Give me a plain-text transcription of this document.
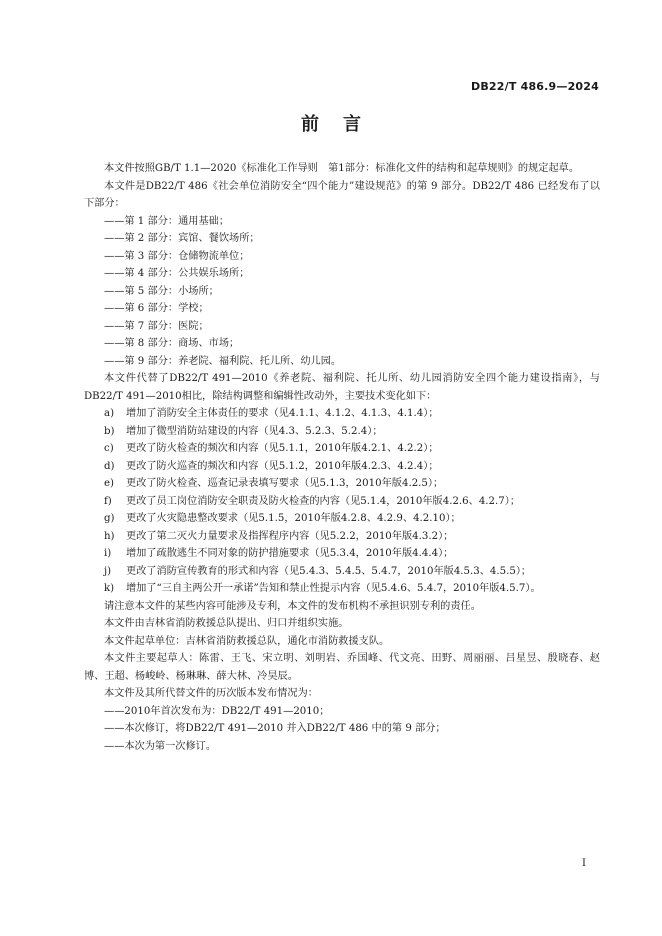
DB22/T 486.9—2024
前言

本文件按照GB/T 1.1—2020《标准化工作导则　第1部分：标准化文件的结构和起草规则》的规定起草。

本文件是DB22/T 486《社会单位消防安全“四个能力”建设规范》的第 9 部分。DB22/T 486 已经发布了以下部分：

——第 1 部分：通用基础；

——第 2 部分：宾馆、餐饮场所；

——第 3 部分：仓储物流单位；

——第 4 部分：公共娱乐场所；

——第 5 部分：小场所；

——第 6 部分：学校；

——第 7 部分：医院；

——第 8 部分：商场、市场；

——第 9 部分：养老院、福利院、托儿所、幼儿园。

本文件代替了DB22/T 491—2010《养老院、福利院、托儿所、幼儿园消防安全四个能力建设指南》，与DB22/T 491—2010相比，除结构调整和编辑性改动外，主要技术变化如下：

a) 增加了消防安全主体责任的要求（见4.1.1、4.1.2、4.1.3、4.1.4）；

b) 增加了微型消防站建设的内容（见4.3、5.2.3、5.2.4）；

c) 更改了防火检查的频次和内容（见5.1.1，2010年版4.2.1、4.2.2）；

d) 更改了防火巡查的频次和内容（见5.1.2，2010年版4.2.3、4.2.4）；

e) 更改了防火检查、巡查记录表填写要求（见5.1.3，2010年版4.2.5）；

f) 更改了员工岗位消防安全职责及防火检查的内容（见5.1.4，2010年版4.2.6、4.2.7）；

g) 更改了火灾隐患整改要求（见5.1.5，2010年版4.2.8、4.2.9、4.2.10）；

h) 更改了第二灭火力量要求及指挥程序内容（见5.2.2，2010年版4.3.2）；

i) 增加了疏散逃生不同对象的防护措施要求（见5.3.4，2010年版4.4.4）；

j) 更改了消防宣传教育的形式和内容（见5.4.3、5.4.5、5.4.7，2010年版4.5.3、4.5.5）；

k) 增加了“三自主两公开一承诺”告知和禁止性提示内容（见5.4.6、5.4.7，2010年版4.5.7）。

请注意本文件的某些内容可能涉及专利，本文件的发布机构不承担识别专利的责任。

本文件由吉林省消防救援总队提出、归口并组织实施。

本文件起草单位：吉林省消防救援总队，通化市消防救援支队。

本文件主要起草人：陈雷、王飞、宋立明、刘明岩、乔国峰、代文亮、田野、周丽丽、吕星昱、殷晓春、赵博、王超、杨峻岭、杨琳琳、薛大林、冷昊辰。

本文件及其所代替文件的历次版本发布情况为：

——2010年首次发布为：DB22/T 491—2010；

——本次修订，将DB22/T 491—2010 并入DB22/T 486 中的第 9 部分；

——本次为第一次修订。

I
